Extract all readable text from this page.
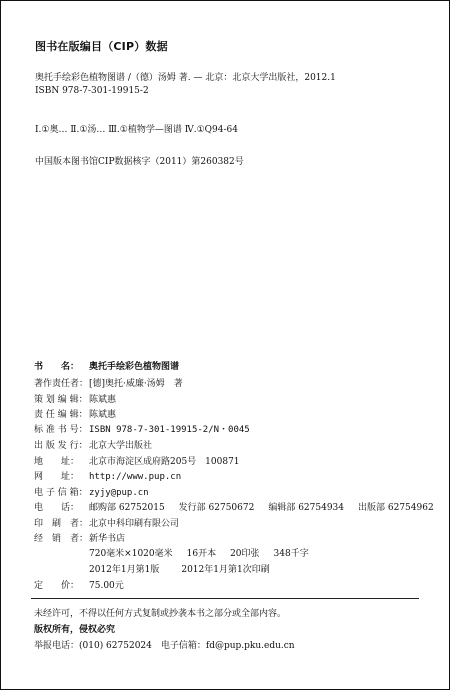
图书在版编目（CIP）数据
奥托手绘彩色植物图谱 /（德）汤姆 著. — 北京：北京大学出版社，2012.1
ISBN 978-7-301-19915-2
Ⅰ.①奥… Ⅱ.①汤… Ⅲ.①植物学—图谱 Ⅳ.①Q94-64
中国版本图书馆CIP数据核字（2011）第260382号
书　　名：	奥托手绘彩色植物图谱
著作责任者： [德]奥托·威廉·汤姆　著
策 划 编 辑： 陈斌惠
责 任 编 辑： 陈斌惠
标 准 书 号： ISBN 978-7-301-19915-2/N・0045
出 版 发 行： 北京大学出版社
地　　址：	北京市海淀区成府路205号　100871
网　　址：	http://www.pup.cn
电 子 信 箱： zyjy@pup.cn
电　　话：	邮购部 62752015 发行部 62750672 编辑部 62754934 出版部 62754962
印　刷　者： 北京中科印刷有限公司
经　销　者： 新华书店
720毫米×1020毫米 16开本 20印张 348千字
2012年1月第1版 2012年1月第1次印刷
定　　价：	75.00元
未经许可，不得以任何方式复制或抄袭本书之部分或全部内容。
版权所有，侵权必究
举报电话：(010) 62752024　电子信箱：fd@pup.pku.edu.cn
